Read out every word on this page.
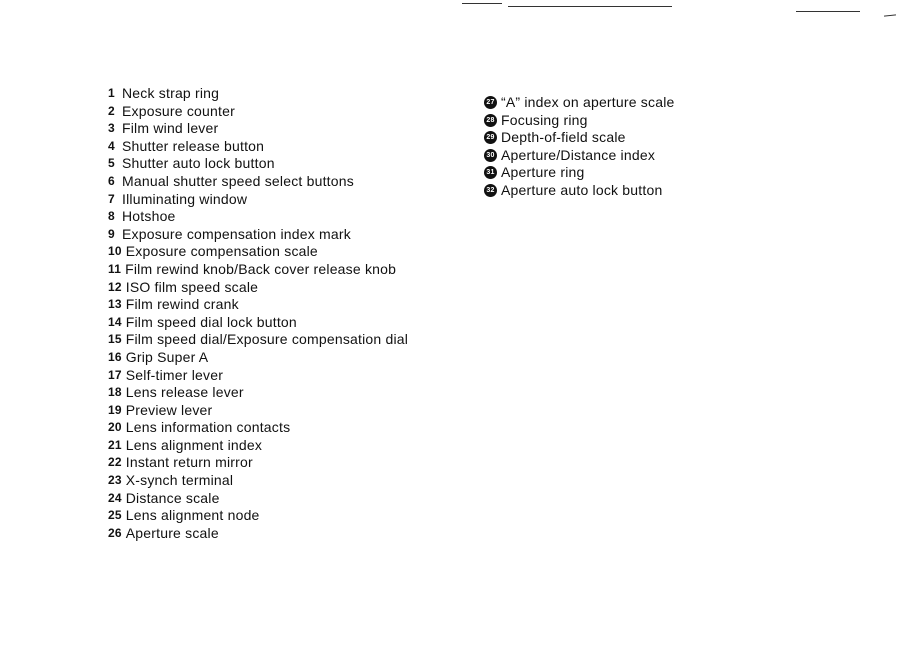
1 Neck strap ring
2 Exposure counter
3 Film wind lever
4 Shutter release button
5 Shutter auto lock button
6 Manual shutter speed select buttons
7 Illuminating window
8 Hotshoe
9 Exposure compensation index mark
10 Exposure compensation scale
11 Film rewind knob/Back cover release knob
12 ISO film speed scale
13 Film rewind crank
14 Film speed dial lock button
15 Film speed dial/Exposure compensation dial
16 Grip Super A
17 Self-timer lever
18 Lens release lever
19 Preview lever
20 Lens information contacts
21 Lens alignment index
22 Instant return mirror
23 X-synch terminal
24 Distance scale
25 Lens alignment node
26 Aperture scale
27 “A” index on aperture scale
28 Focusing ring
29 Depth-of-field scale
30 Aperture/Distance index
31 Aperture ring
32 Aperture auto lock button
